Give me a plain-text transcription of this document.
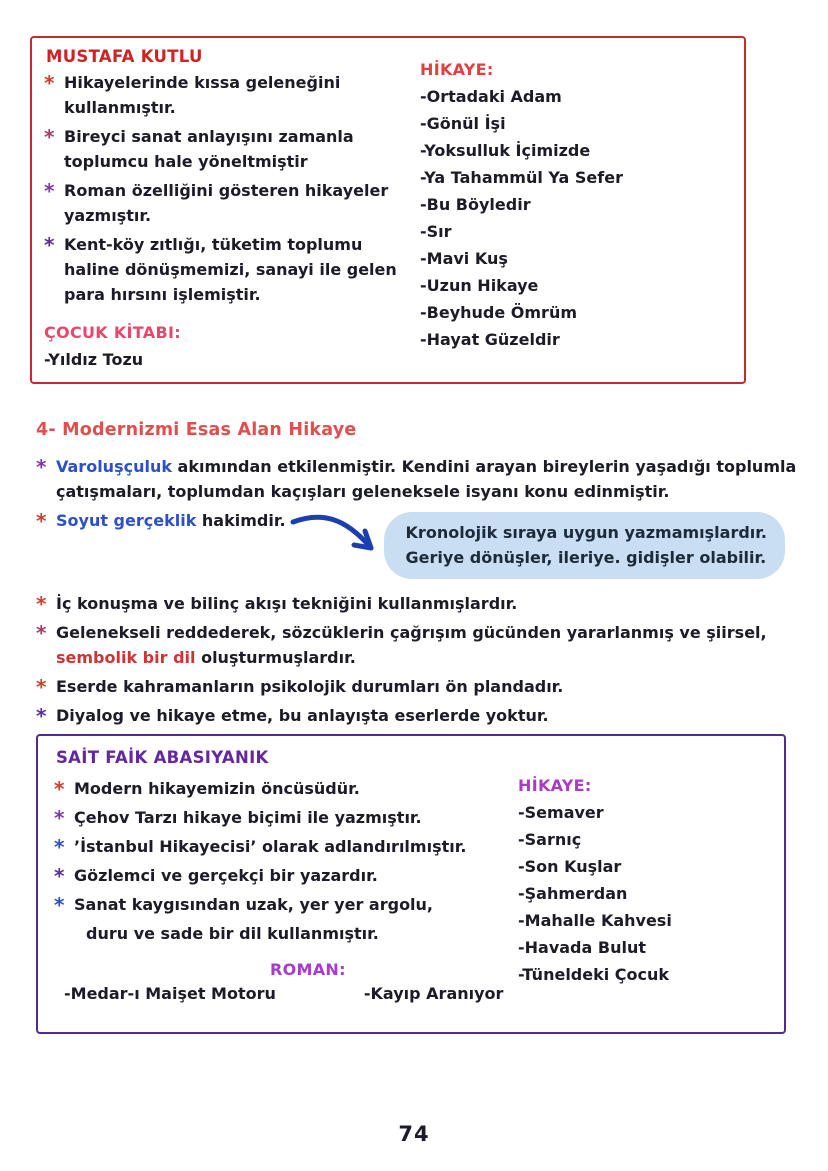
MUSTAFA KUTLU

*
Hikayelerinde kıssa geleneğini kullanmıştır.

*
Bireyci sanat anlayışını zamanla toplumcu hale yöneltmiştir

*
Roman özelliğini gösteren hikayeler yazmıştır.

*
Kent-köy zıtlığı, tüketim toplumu haline dönüşmemizi, sanayi ile gelen para hırsını işlemiştir.

ÇOCUK KİTABI:

-Yıldız Tozu

HİKAYE:

-Ortadaki Adam

-Gönül İşi

-Yoksulluk İçimizde

-Ya Tahammül Ya Sefer

-Bu Böyledir

-Sır

-Mavi Kuş

-Uzun Hikaye

-Beyhude Ömrüm

-Hayat Güzeldir

4- Modernizmi Esas Alan Hikaye

*
Varoluşçuluk akımından etkilenmiştir. Kendini arayan bireylerin yaşadığı toplumla çatışmaları, toplumdan kaçışları geleneksele isyanı konu edinmiştir.

*
Soyut gerçeklik hakimdir.

Kronolojik sıraya uygun yazmamışlardır.
Geriye dönüşler, ileriye. gidişler olabilir.

*
İç konuşma ve bilinç akışı tekniğini kullanmışlardır.

*
Gelenekseli reddederek, sözcüklerin çağrışım gücünden yararlanmış ve şiirsel, sembolik bir dil oluşturmuşlardır.

*
Eserde kahramanların psikolojik durumları ön plandadır.

*
Diyalog ve hikaye etme, bu anlayışta eserlerde yoktur.

SAİT FAİK ABASIYANIK

*
Modern hikayemizin öncüsüdür.

*
Çehov Tarzı hikaye biçimi ile yazmıştır.

*
’İstanbul Hikayecisi’ olarak adlandırılmıştır.

*
Gözlemci ve gerçekçi bir yazardır.

*
Sanat kaygısından uzak, yer yer argolu,

duru ve sade bir dil kullanmıştır.

HİKAYE:

-Semaver

-Sarnıç

-Son Kuşlar

-Şahmerdan

-Mahalle Kahvesi

-Havada Bulut

-Tüneldeki Çocuk

ROMAN:
-Medar-ı Maişet Motoru	-Kayıp Aranıyor
74
